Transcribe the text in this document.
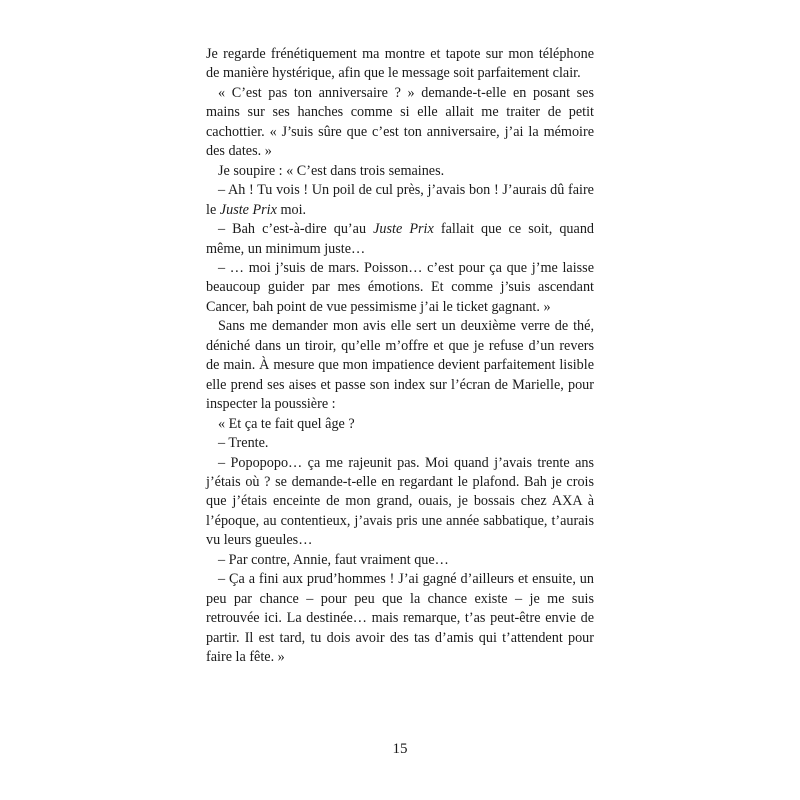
Je regarde frénétiquement ma montre et tapote sur mon téléphone de manière hystérique, afin que le message soit parfaitement clair.

« C’est pas ton anniversaire ? » demande-t-elle en posant ses mains sur ses hanches comme si elle allait me traiter de petit cachottier. « J’suis sûre que c’est ton anniversaire, j’ai la mémoire des dates. »

Je soupire : « C’est dans trois semaines.

– Ah ! Tu vois ! Un poil de cul près, j’avais bon ! J’aurais dû faire le Juste Prix moi.

– Bah c’est-à-dire qu’au Juste Prix fallait que ce soit, quand même, un minimum juste…

– … moi j’suis de mars. Poisson… c’est pour ça que j’me laisse beaucoup guider par mes émotions. Et comme j’suis ascendant Cancer, bah point de vue pessimisme j’ai le ticket gagnant. »

Sans me demander mon avis elle sert un deuxième verre de thé, déniché dans un tiroir, qu’elle m’offre et que je refuse d’un revers de main. À mesure que mon impatience devient parfaitement lisible elle prend ses aises et passe son index sur l’écran de Marielle, pour inspecter la poussière :

« Et ça te fait quel âge ?

– Trente.

– Popopopo… ça me rajeunit pas. Moi quand j’avais trente ans j’étais où ? se demande-t-elle en regardant le plafond. Bah je crois que j’étais enceinte de mon grand, ouais, je bossais chez AXA à l’époque, au contentieux, j’avais pris une année sabbatique, t’aurais vu leurs gueules…

– Par contre, Annie, faut vraiment que…

– Ça a fini aux prud’hommes ! J’ai gagné d’ailleurs et ensuite, un peu par chance – pour peu que la chance existe – je me suis retrouvée ici. La destinée… mais remarque, t’as peut-être envie de partir. Il est tard, tu dois avoir des tas d’amis qui t’attendent pour faire la fête. »

15
